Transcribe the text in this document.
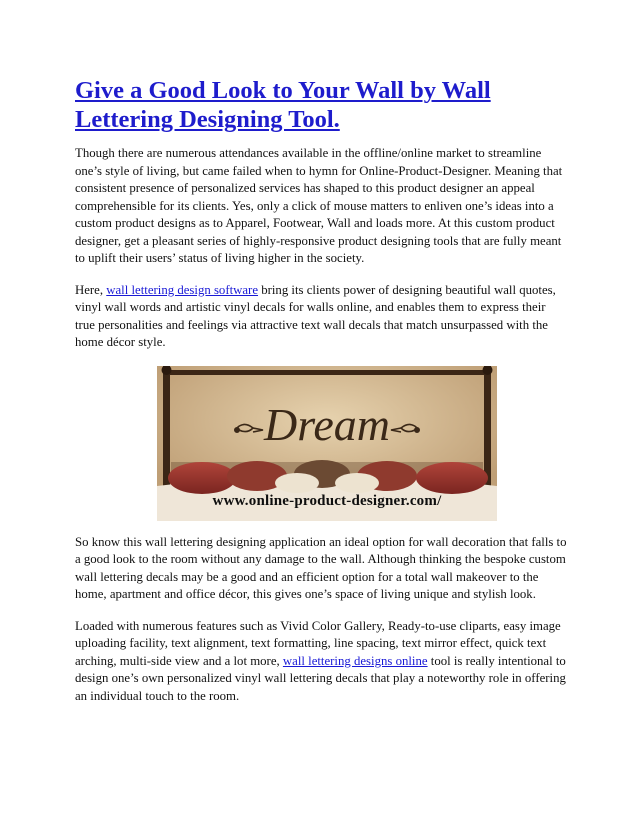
Give a Good Look to Your Wall by Wall Lettering Designing Tool.

Though there are numerous attendances available in the offline/online market to streamline one’s style of living, but came failed when to hymn for Online-Product-Designer. Meaning that consistent presence of personalized services has shaped to this product designer an appeal comprehensible for its clients. Yes, only a click of mouse matters to enliven one’s ideas into a custom product designs as to Apparel, Footwear, Wall and loads more. At this custom product designer, get a pleasant series of highly-responsive product designing tools that are fully meant to uplift their users’ status of living higher in the society.

Here, wall lettering design software bring its clients power of designing beautiful wall quotes, vinyl wall words and artistic vinyl decals for walls online, and enables them to express their true personalities and feelings via attractive text wall decals that match unsurpassed with the home décor style.

Dream
www.online-product-designer.com/

So know this wall lettering designing application an ideal option for wall decoration that falls to a good look to the room without any damage to the wall. Although thinking the bespoke custom wall lettering decals may be a good and an efficient option for a total wall makeover to the home, apartment and office décor, this gives one’s space of living unique and stylish look.

Loaded with numerous features such as Vivid Color Gallery, Ready-to-use cliparts, easy image uploading facility, text alignment, text formatting, line spacing, text mirror effect, quick text arching, multi-side view and a lot more, wall lettering designs online tool is really intentional to design one’s own personalized vinyl wall lettering decals that play a noteworthy role in offering an individual touch to the room.
